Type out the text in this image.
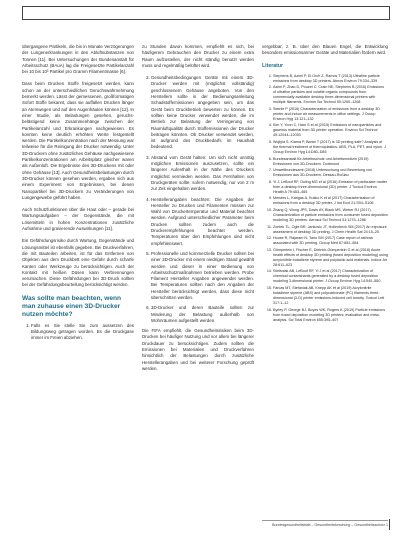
übergangene Partikeln, die bis in Monate Verzögerungen der Lungenerkrankungen in den Abluftsubstanzen von Tonnen [11]. Bei Untersuchungen der Bundesanstalt für Arbeitsschutz (BAuA) lag die Freigesetzte Partikelanzahl bei 10 bis 10³ Partikel pro Gramm Filamentmasse [6].

Dass beim Drucken Stoffe freigesetzt werden, kann schon an der unterschiedlichen Geruchswahrnehmung bemerkt werden. Lässt der gemessenen, großformatigen Sofort Stoffe bekannt, dass sie auffallen Drucken länger an Atemwegen und auf den Augenhäuten können [12]. In einer Studie, als Belastungen gesehen, geruchs-belästigend keine Zusammenhänge zwischen der Partikelanzahl und Erkrankungen nachgewiesen. Es konnten keine deutlich erhöhten Werte festgestellt werden. Die Partikelkonzentration nach der Messung war teilweise für die Reinigung der Drucker notwendig. Unter 3D-Druckern ohne zusätzliches Gehäuse nachgewiesene Partikelkonzentrationen am Arbeitsplatz gleicher waren als Außenluft. Die Ergebnisse des 3D-Druckens mit oder ohne Gehäuse [13]. Auch Gesundheitsbelastungen durch 3D-Drucker können gesehen werden, ergaben sich aus einem Experiment von Ergebnissen, bei denen Nanopartikel bei 3D-Druckern zu Veränderungen von Lungengewebe geführt haben.

Auch Schutzfunktionen über die Haut oder – gerade bei Wartungsaufgaben – der Gegenstände, die mit Lösemitteln in hohen Konzentrationen zusätzliche Aufnahme und gravierende Auswirkungen [11].

Ein Gefährdungsrisiko durch Wartung, Gegenstände und Lösungsmittel ist ebenfalls gegeben. Bei Druckverfahren, die mit Bauteilen arbeiten, ist für das Entfernen von Objekten aus dem Druckbett eine Gefahr durch scharfe Kanten oder Werkzeuge zu berücksichtigen. Auch der Kontakt mit heißen Düsen kann Verbrennungen verursachen. Diese Gefährdungen bei 3D-Druck sollten bei der Gefährdungsbeurteilung berücksichtigt werden.

Was sollte man beachten, wenn man zuhause einen 3D-Drucker nutzen möchte?
1. Falls es Sie stelle Sie zum aussetzen des Bildungsweg getragen worden. Es die Druckgase immer im Freien abziehen.

zu Stunden davon kommen, empfiehlt es sich, bei häufigerem Gebrauchen den Drucker zu einem extra Raum aufzustellen, der nicht ständig benutzt werden muss und regelmäßig belüftet wird.

2. Gesundheitsbedingungen Geräte mit einem 3D-Drucker werden mit (möglichst vollständig) geschlossenem Gehäuse angeboten. Von den Herstellern sollte in der Bedienungsanleitung Schadstoffemissionen angegeben sein, um das Gerät beim Druckbetrieb bewerten zu können. Es sollten keine Drucker verwendet werden, die im Betrieb zur Belastung der Verringerung von Raumluftqualität durch Stoffemissionen der Drucker beitragen könnten. Ob Drucker verwendet werden, ist aufgrund des Druckbedarfs im Haushalt bedeutend.
3. Abstand vom Gerät halten: Um sich nicht unnötig möglichen Emissionen auszusetzen, sollte ein längerer Aufenthalt in der Nähe des Druckers möglichst vermieden werden. Das Fernhalten von Druckgeräten sollte, sofern notwendig, nur von 2 m zur Zeit eingehalten werden.
4. Herstellerangaben beachten: Die Angaben der Hersteller zu Drucken und Filamenten müssen zur Wahl von Druckertemperatur und Material beachtet werden. Aufgrund unterschiedlicher Parameter beim Drucken sollten zudem auch die Druckerempfehlungen beachtet werden. Temperaturen über den Empfehlungen sind nicht empfehlenswert.
5. Professionelle und kommerzielle Drucker sollten bei einer 3D-Drucker mit einem niedrigen Stand gewählt werden und dieser in einer Bedienung von Arbeitsschutzmaßnahmen betrieben werden. Probe Filament Hersteller Angaben angewendet werden. Bei Temperaturen sollten nach den Angaben der Hersteller berücksichtigt werden, dass diese nicht überschritten werden.
6. 3D-Drucker und deren Bauteile sollten zur Minderung der Belastung außerhalb von Wohnräumen aufgestellt werden.

Die FIFA empfiehlt, die Gesundheitsrisiken beim 3D-Drucken bei häufiger Nutzung und vor allem bei längerer Druckdauer zu berücksichtigen. Zudem sollten die Emissionen bei Materialien und Druckverfahren hinsichtlich der Belastungen durch zusätzliche Herstellerangaben und bei weiterer Forschung geprüft werden.

vergebbar, z. B. über den Blauen Engel, die Entwicklung besonders emissionsarmer Geräte und Materialien fördern wird.

Literatur
1. Stephens B, Azimi P, El Orch Z, Ramos T (2013) Ultrafine particle emissions from desktop 3D printers. Atmos Environ 79:334–339
2. Azimi P, Zhao D, Pouzet C, Crain NE, Stephens B (2016) Emissions of ultrafine particles and volatile organic compounds from commercially available desktop three-dimensional printers with multiple filaments. Environ Sci Technol 50:1260–1268
3. Steinle P (2016) Characterization of emissions from a desktop 3D printer and indoor air measurements in office settings. J Occup Environ Hyg 13:121–132
4. Kim Y, Yoon C, Ham S et al (2015) Emissions of nanoparticles and gaseous material from 3D printer operation. Environ Sci Technol 49:12044–12053
5. Wojtyla S, Klama P, Baran T (2017) Is 3D printing safe? Analysis of the thermal treatment of thermoplastics: ABS, PLA, PET, and nylon. J Occup Environ Hyg 14:D80–D85
6. Bundesanstalt für Arbeitsschutz und Arbeitsmedizin (2019) Emissionen von 3D-Druckern. Dortmund
7. Umweltbundesamt (2018) Untersuchung und Bewertung von Emissionen aus 3D-Druckern. Dessau-Roßlau
8. Yi J, LeBouf RF, Duling MG et al (2016) Emission of particulate matter from a desktop three-dimensional (3D) printer. J Toxicol Environ Health A 79:453–465
9. Mendes L, Kangas A, Kukko K et al (2017) Characterization of emissions from a desktop 3D printer. J Ind Ecol 21:S94–S106
10. Zhang Q, Wong JPS, Davis AY, Black MS, Weber RJ (2017) Characterization of particle emissions from consumer fused deposition modeling 3D printers. Aerosol Sci Technol 51:1275–1286
11. Zontek TL, Ogle BR, Jankovic JT, Hollenbeck SM (2017) An exposure assessment of desktop 3D printing. J Chem Health Saf 24:15–25
12. House R, Rajaram N, Tarlo SM (2017) Case report of asthma associated with 3D printing. Occup Med 67:652–654
13. Gümperlein I, Fischer E, Dietrich-Gümperlein G et al (2018) Acute health effects of desktop 3D printing (fused deposition modeling) using acrylonitrile butadiene styrene and polylactic acid materials. Indoor Air 28:611–623
14. Stefaniak AB, LeBouf RF, Yi J et al (2017) Characterization of chemical contaminants generated by a desktop fused deposition modeling 3-dimensional printer. J Occup Environ Hyg 14:540–550
15. Farcas MT, Stefaniak AB, Knepp AK et al (2019) Acrylonitrile butadiene styrene (ABS) and polycarbonate (PC) filaments three-dimensional (3-D) printer emissions-induced cell toxicity. Toxicol Lett 317:1–12
16. Byrley P, George BJ, Boyes WK, Rogers K (2019) Particle emissions from fused deposition modeling 3D printers: evaluation and meta-analysis. Sci Total Environ 655:395–407
Bundesgesundheitsblatt – Gesundheitsforschung – Gesundheitsschutz 1
